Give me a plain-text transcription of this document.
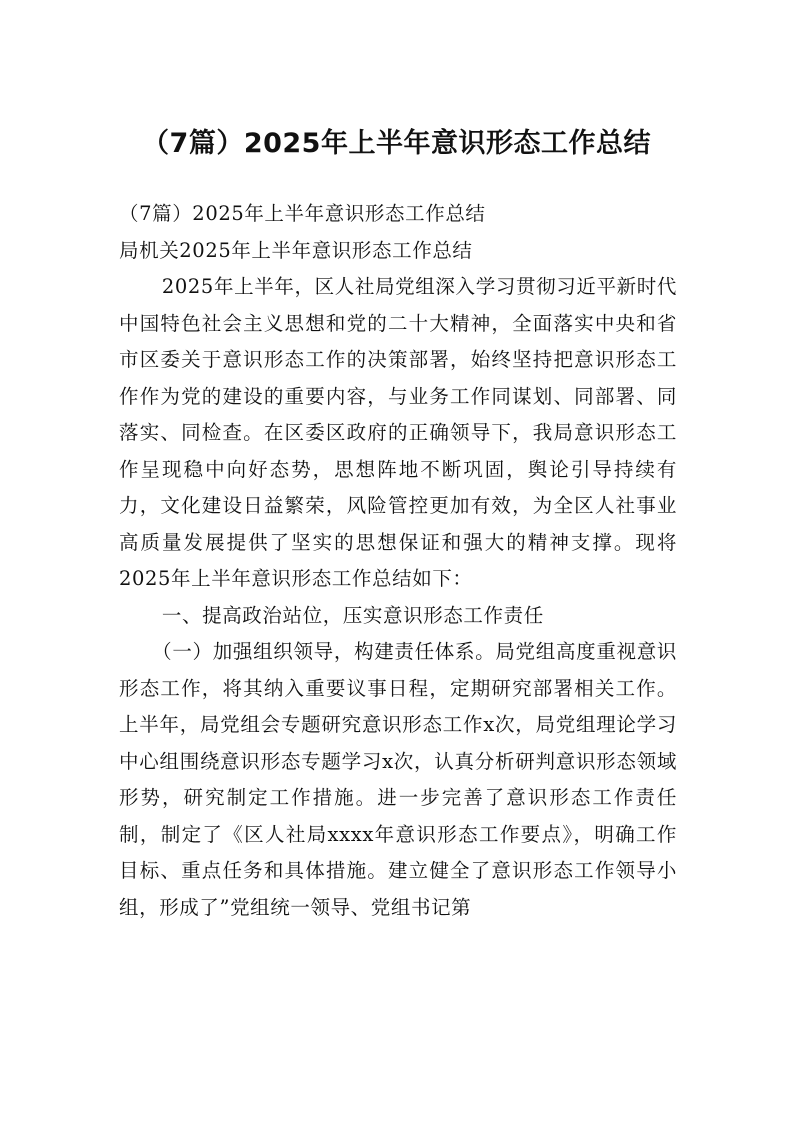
（7篇）2025年上半年意识形态工作总结

（7篇）2025年上半年意识形态工作总结

局机关2025年上半年意识形态工作总结

2025年上半年，区人社局党组深入学习贯彻习近平新时代中国特色社会主义思想和党的二十大精神，全面落实中央和省市区委关于意识形态工作的决策部署，始终坚持把意识形态工作作为党的建设的重要内容，与业务工作同谋划、同部署、同落实、同检查。在区委区政府的正确领导下，我局意识形态工作呈现稳中向好态势，思想阵地不断巩固，舆论引导持续有力，文化建设日益繁荣，风险管控更加有效，为全区人社事业高质量发展提供了坚实的思想保证和强大的精神支撑。现将2025年上半年意识形态工作总结如下：

一、提高政治站位，压实意识形态工作责任

（一）加强组织领导，构建责任体系。局党组高度重视意识形态工作，将其纳入重要议事日程，定期研究部署相关工作。上半年，局党组会专题研究意识形态工作x次，局党组理论学习中心组围绕意识形态专题学习x次，认真分析研判意识形态领域形势，研究制定工作措施。进一步完善了意识形态工作责任制，制定了《区人社局xxxx年意识形态工作要点》，明确工作目标、重点任务和具体措施。建立健全了意识形态工作领导小组，形成了”党组统一领导、党组书记第
